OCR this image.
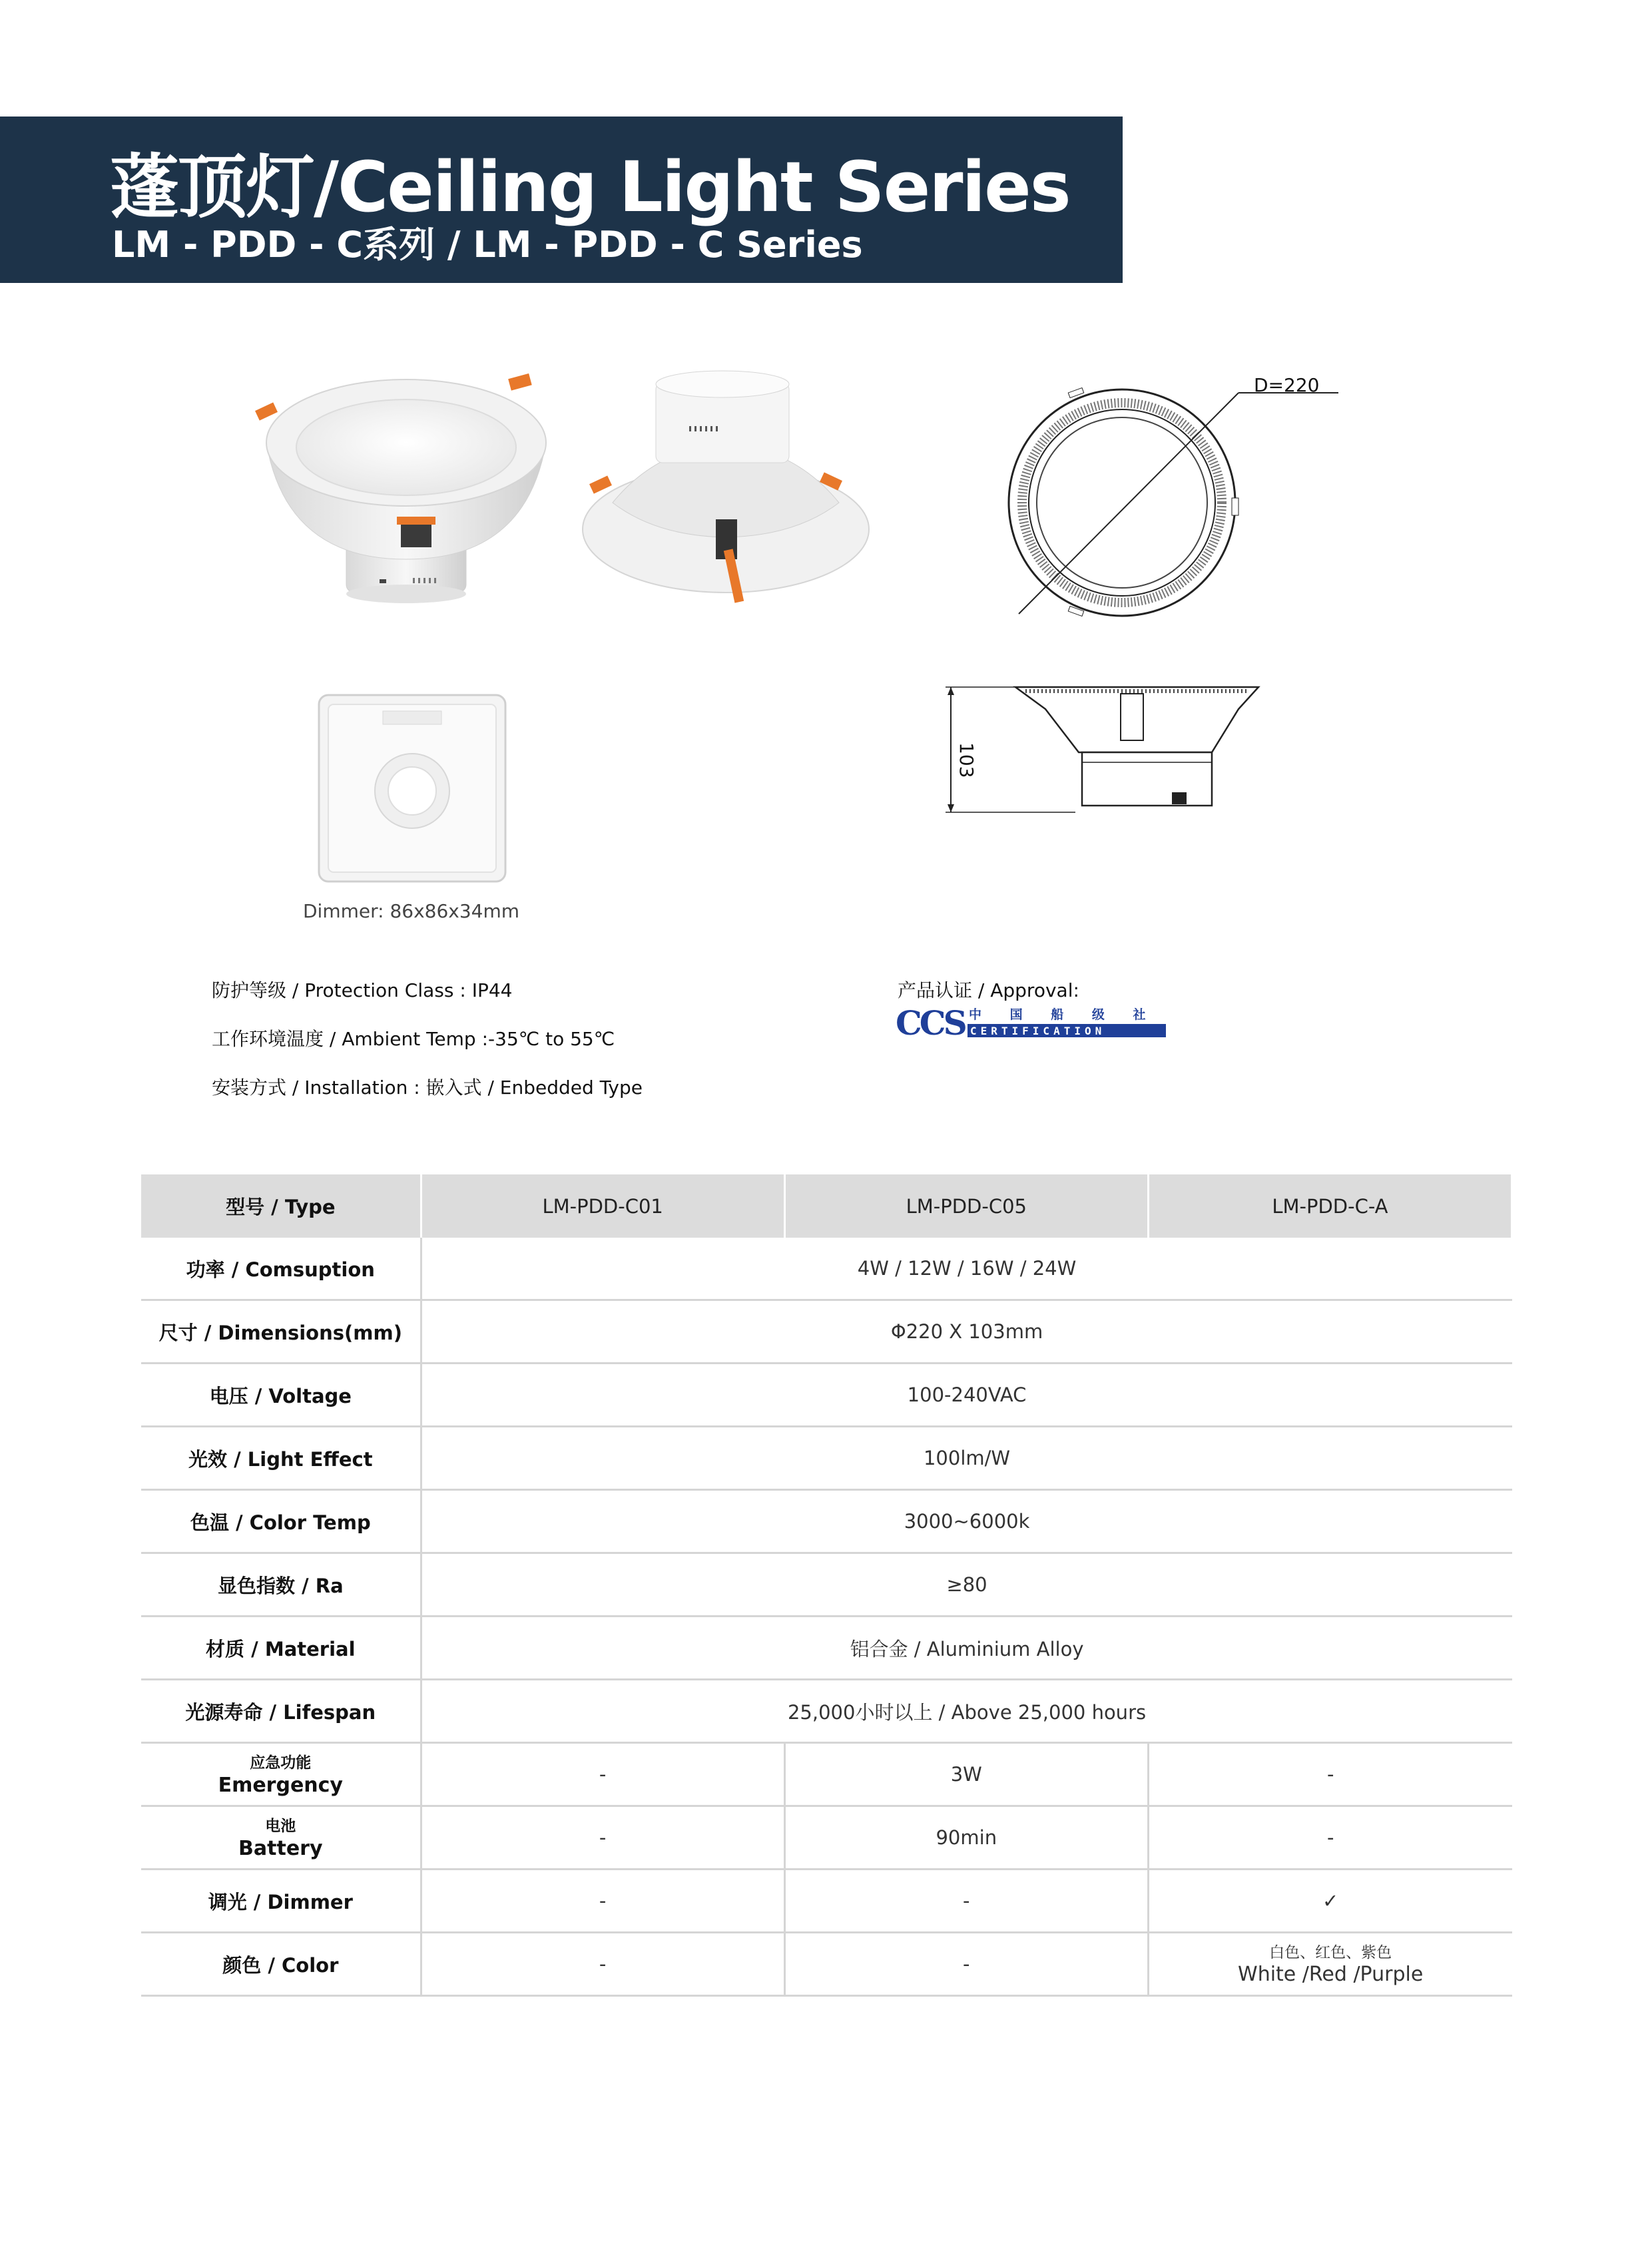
蓬顶灯/Ceiling Light Series
LM - PDD - C系列 / LM - PDD - C Series
D=220
103
Dimmer: 86x86x34mm
防护等级 / Protection Class : IP44
工作环境温度 / Ambient Temp :-35℃ to 55℃
安装方式 / Installation : 嵌入式 / Enbedded Type
产品认证 / Approval:
CCS 中 国 船 级 社
CERTIFICATION
型号 / Type	LM-PDD-C01	LM-PDD-C05	LM-PDD-C-A
功率 / Comsuption	4W / 12W / 16W / 24W		
尺寸 / Dimensions(mm)	Φ220 X 103mm		
电压 / Voltage	100-240VAC		
光效 / Light Effect	100lm/W		
色温 / Color Temp	3000~6000k		
显色指数 / Ra	≥80		
材质 / Material	铝合金 / Aluminium Alloy		
光源寿命 / Lifespan	25,000小时以上 / Above 25,000 hours		

应急功能
Emergency	-	3W	-

电池
Battery	-	90min	-
调光 / Dimmer	-	-	✓
颜色 / Color	-	-	白色、红色、紫色
White /Red /Purple
